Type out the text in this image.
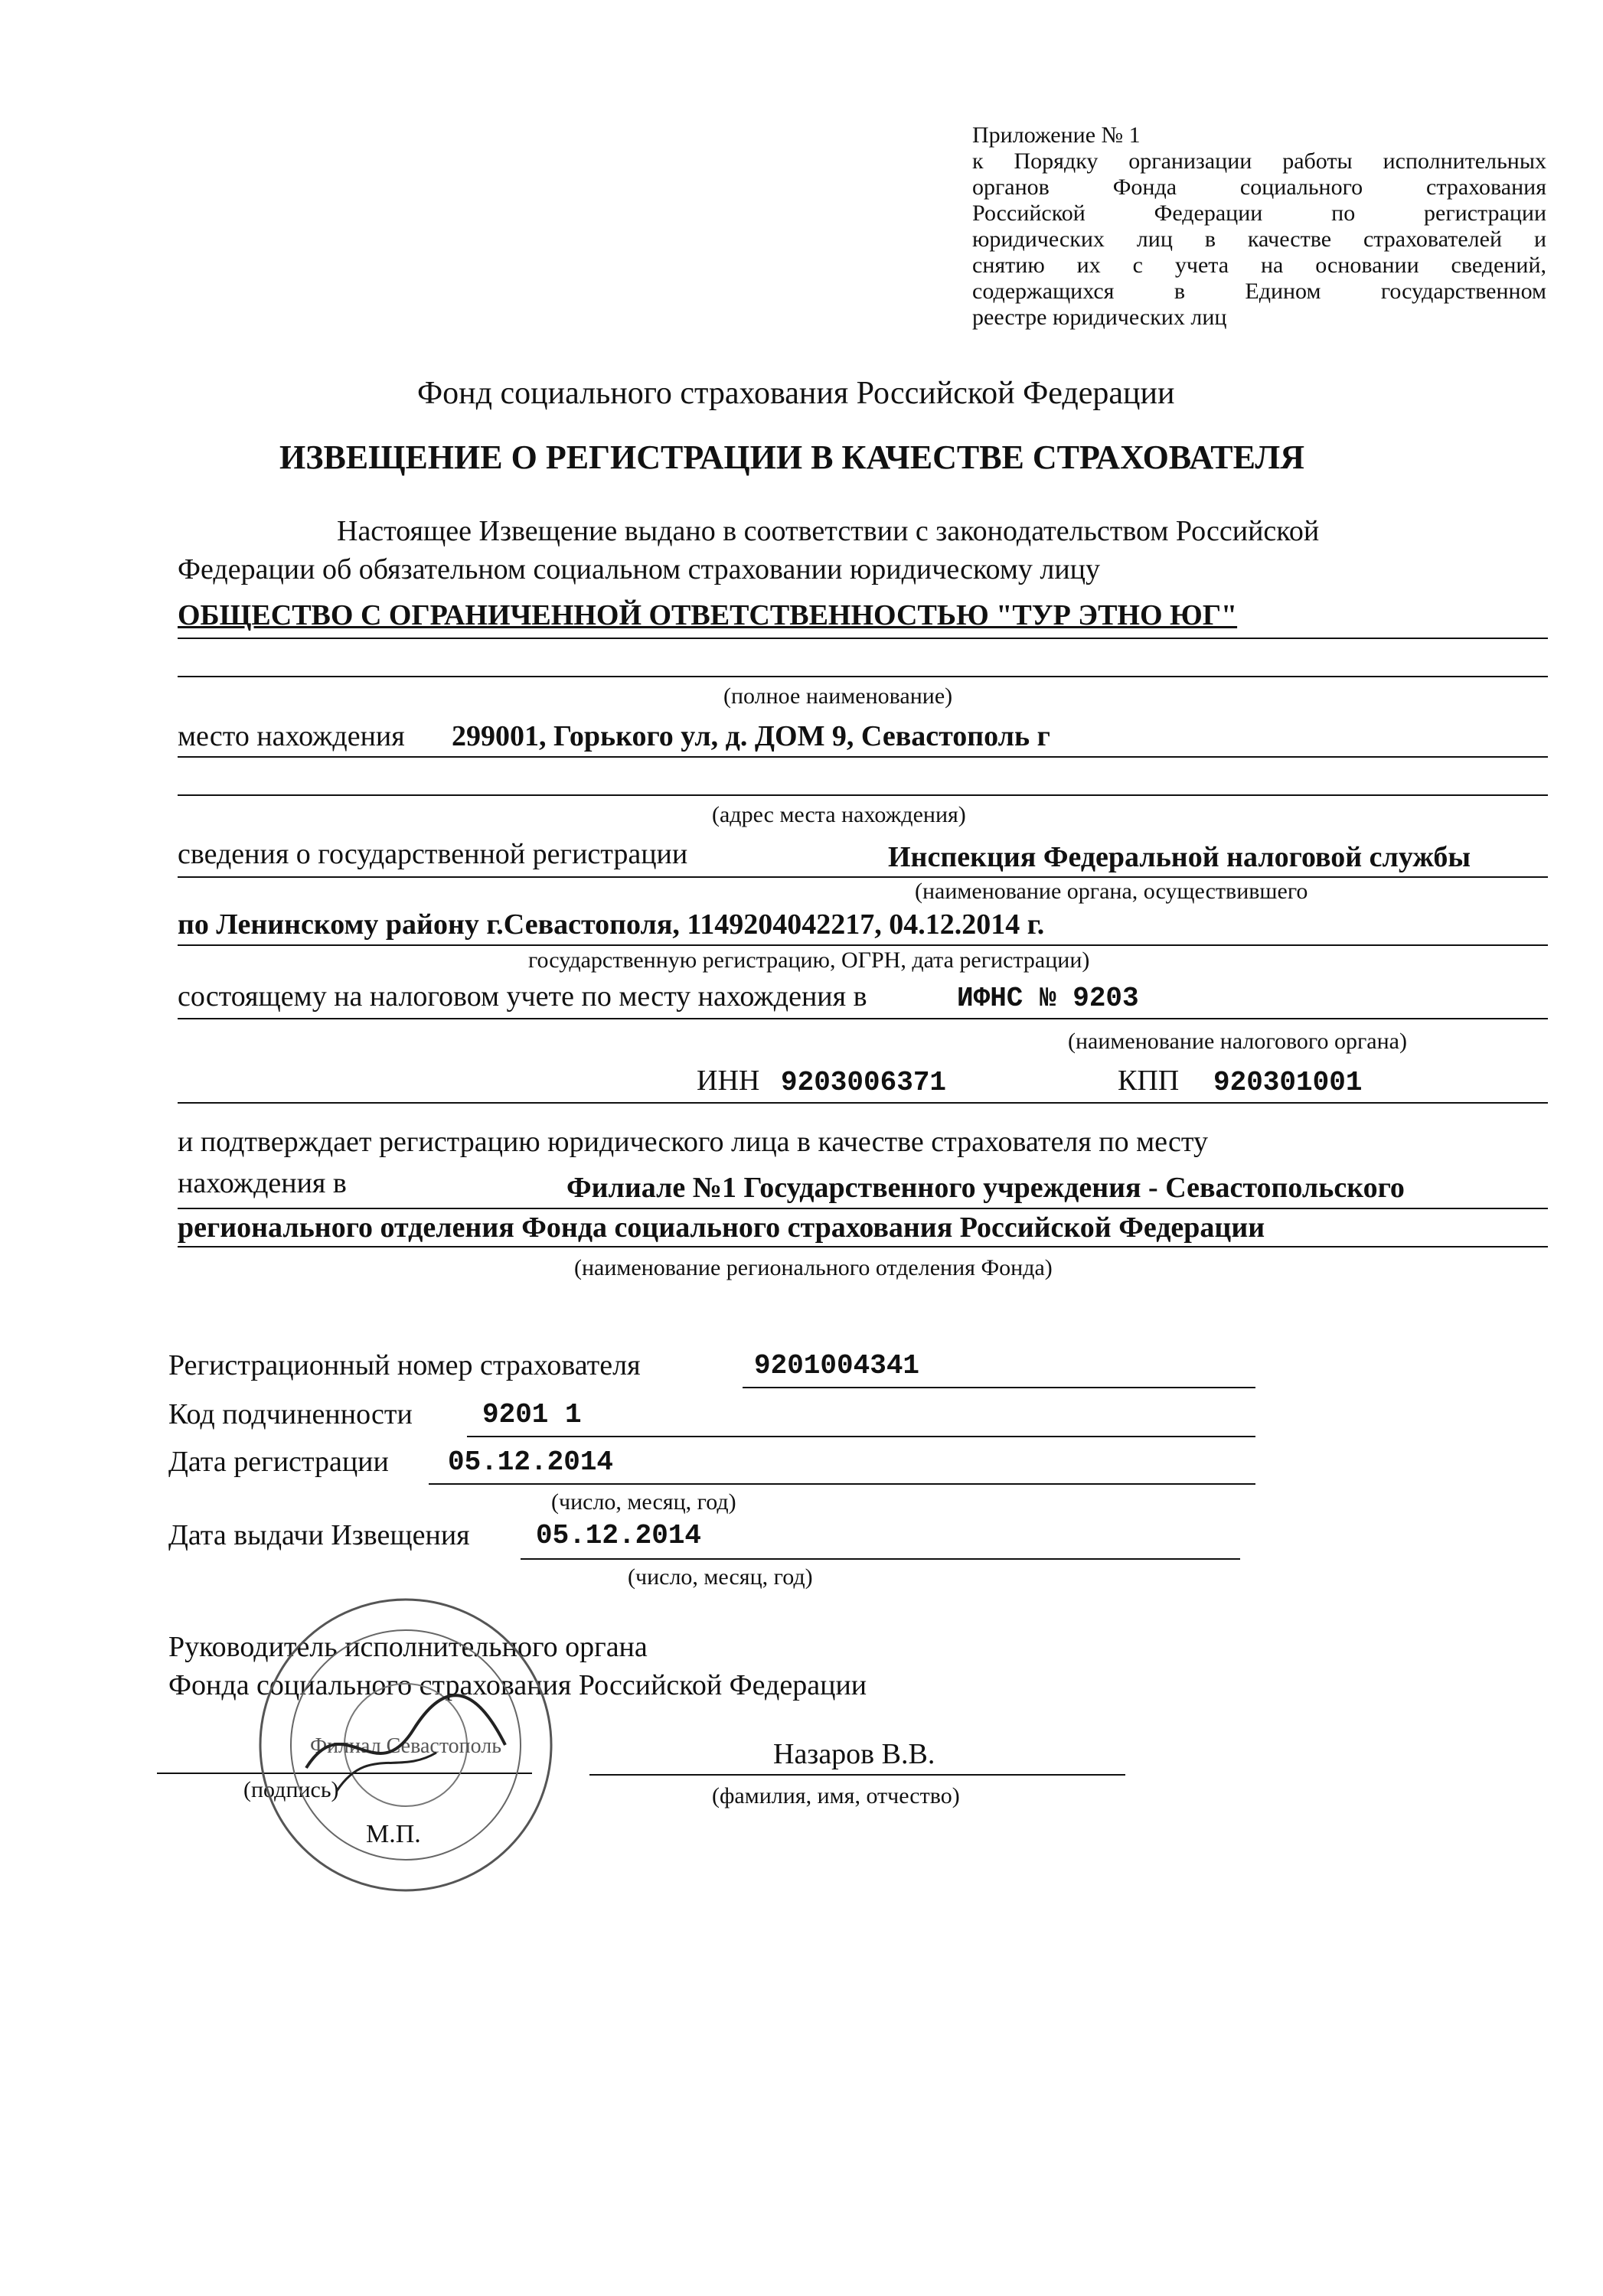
Приложение № 1

к Порядку организации работы исполнительных

органов Фонда социального страхования

Российской Федерации по регистрации

юридических лиц в качестве страхователей и

снятию их с учета на основании сведений,

содержащихся в Едином государственном

реестре юридических лиц

Фонд социального страхования Российской Федерации
ИЗВЕЩЕНИЕ О РЕГИСТРАЦИИ В КАЧЕСТВЕ СТРАХОВАТЕЛЯ
Настоящее Извещение выдано в соответствии с законодательством Российской
Федерации об обязательном социальном страховании юридическому лицу
ОБЩЕСТВО С ОГРАНИЧЕННОЙ ОТВЕТСТВЕННОСТЬЮ "ТУР ЭТНО ЮГ"
(полное наименование)
место нахождения 299001, Горького ул, д. ДОМ 9, Севастополь г
(адрес места нахождения)
сведения о государственной регистрации	Инспекция Федеральной налоговой службы
(наименование органа, осуществившего
по Ленинскому району г.Севастополя, 1149204042217, 04.12.2014 г.
государственную регистрацию, ОГРН, дата регистрации)
состоящему на налоговом учете по месту нахождения в	ИФНС № 9203
(наименование налогового органа)
ИНН 9203006371	КПП 920301001
и подтверждает регистрацию юридического лица в качестве страхователя по месту
нахождения в	Филиале №1 Государственного учреждения - Севастопольского
регионального отделения Фонда социального страхования Российской Федерации
(наименование регионального отделения Фонда)
Регистрационный номер страхователя	9201004341
Код подчиненности	9201 1
Дата регистрации 05.12.2014
(число, месяц, год)
Дата выдачи Извещения 05.12.2014
(число, месяц, год)
Руководитель исполнительного органа
Фонда социального страхования Российской Федерации
(подпись)
Назаров В.В.
(фамилия, имя, отчество)
М.П.
Филиал Севастополь
